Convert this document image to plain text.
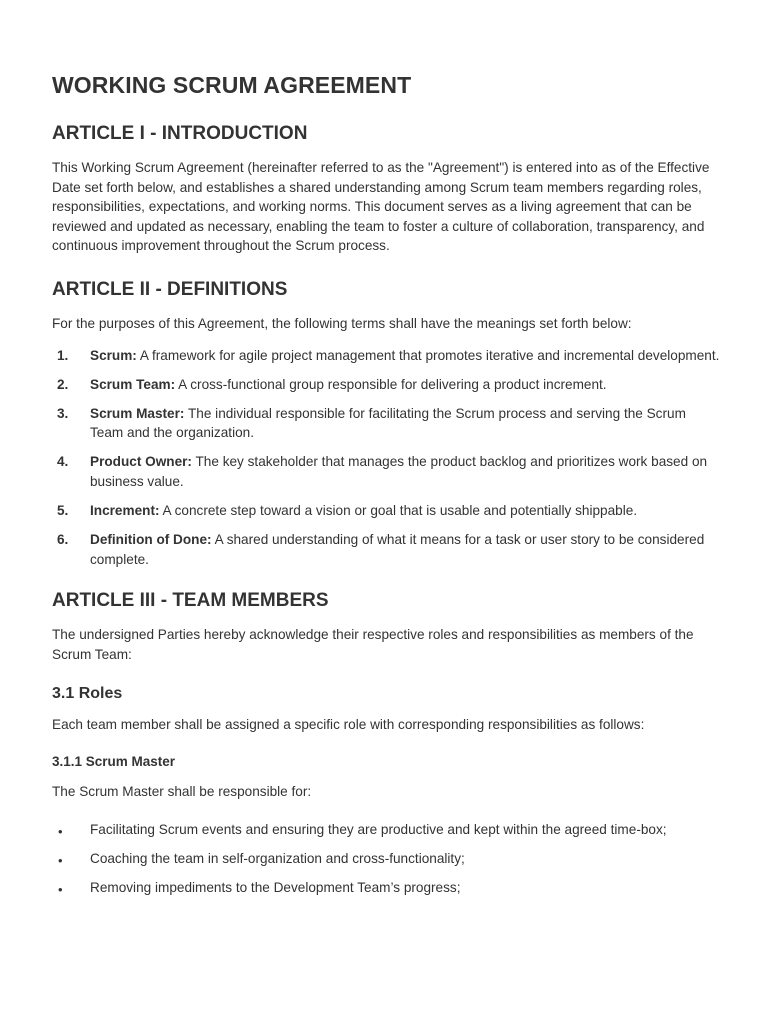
WORKING SCRUM AGREEMENT
ARTICLE I - INTRODUCTION

This Working Scrum Agreement (hereinafter referred to as the "Agreement") is entered into as of the Effective Date set forth below, and establishes a shared understanding among Scrum team members regarding roles, responsibilities, expectations, and working norms. This document serves as a living agreement that can be reviewed and updated as necessary, enabling the team to foster a culture of collaboration, transparency, and continuous improvement throughout the Scrum process.

ARTICLE II - DEFINITIONS

For the purposes of this Agreement, the following terms shall have the meanings set forth below:

1. Scrum: A framework for agile project management that promotes iterative and incremental development.
2. Scrum Team: A cross-functional group responsible for delivering a product increment.
3. Scrum Master: The individual responsible for facilitating the Scrum process and serving the Scrum Team and the organization.
4. Product Owner: The key stakeholder that manages the product backlog and prioritizes work based on business value.
5. Increment: A concrete step toward a vision or goal that is usable and potentially shippable.
6. Definition of Done: A shared understanding of what it means for a task or user story to be considered complete.
ARTICLE III - TEAM MEMBERS

The undersigned Parties hereby acknowledge their respective roles and responsibilities as members of the Scrum Team:

3.1 Roles

Each team member shall be assigned a specific role with corresponding responsibilities as follows:

3.1.1 Scrum Master

The Scrum Master shall be responsible for:

• Facilitating Scrum events and ensuring they are productive and kept within the agreed time-box;
• Coaching the team in self-organization and cross-functionality;
• Removing impediments to the Development Team’s progress;
